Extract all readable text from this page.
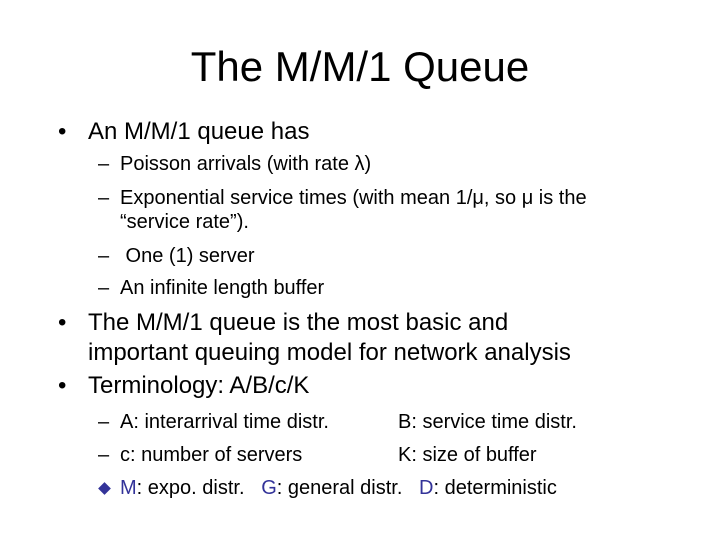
The M/M/1 Queue
• An M/M/1 queue has
– Poisson arrivals (with rate λ)
– Exponential service times (with mean 1/μ, so μ is the
“service rate”).
– One (1) server
– An infinite length buffer
• The M/M/1 queue is the most basic and
important queuing model for network analysis
• Terminology: A/B/c/K
– A: interarrival time distr.	B: service time distr.
– c: number of servers	K: size of buffer
M: expo. distr. G: general distr. D: deterministic
